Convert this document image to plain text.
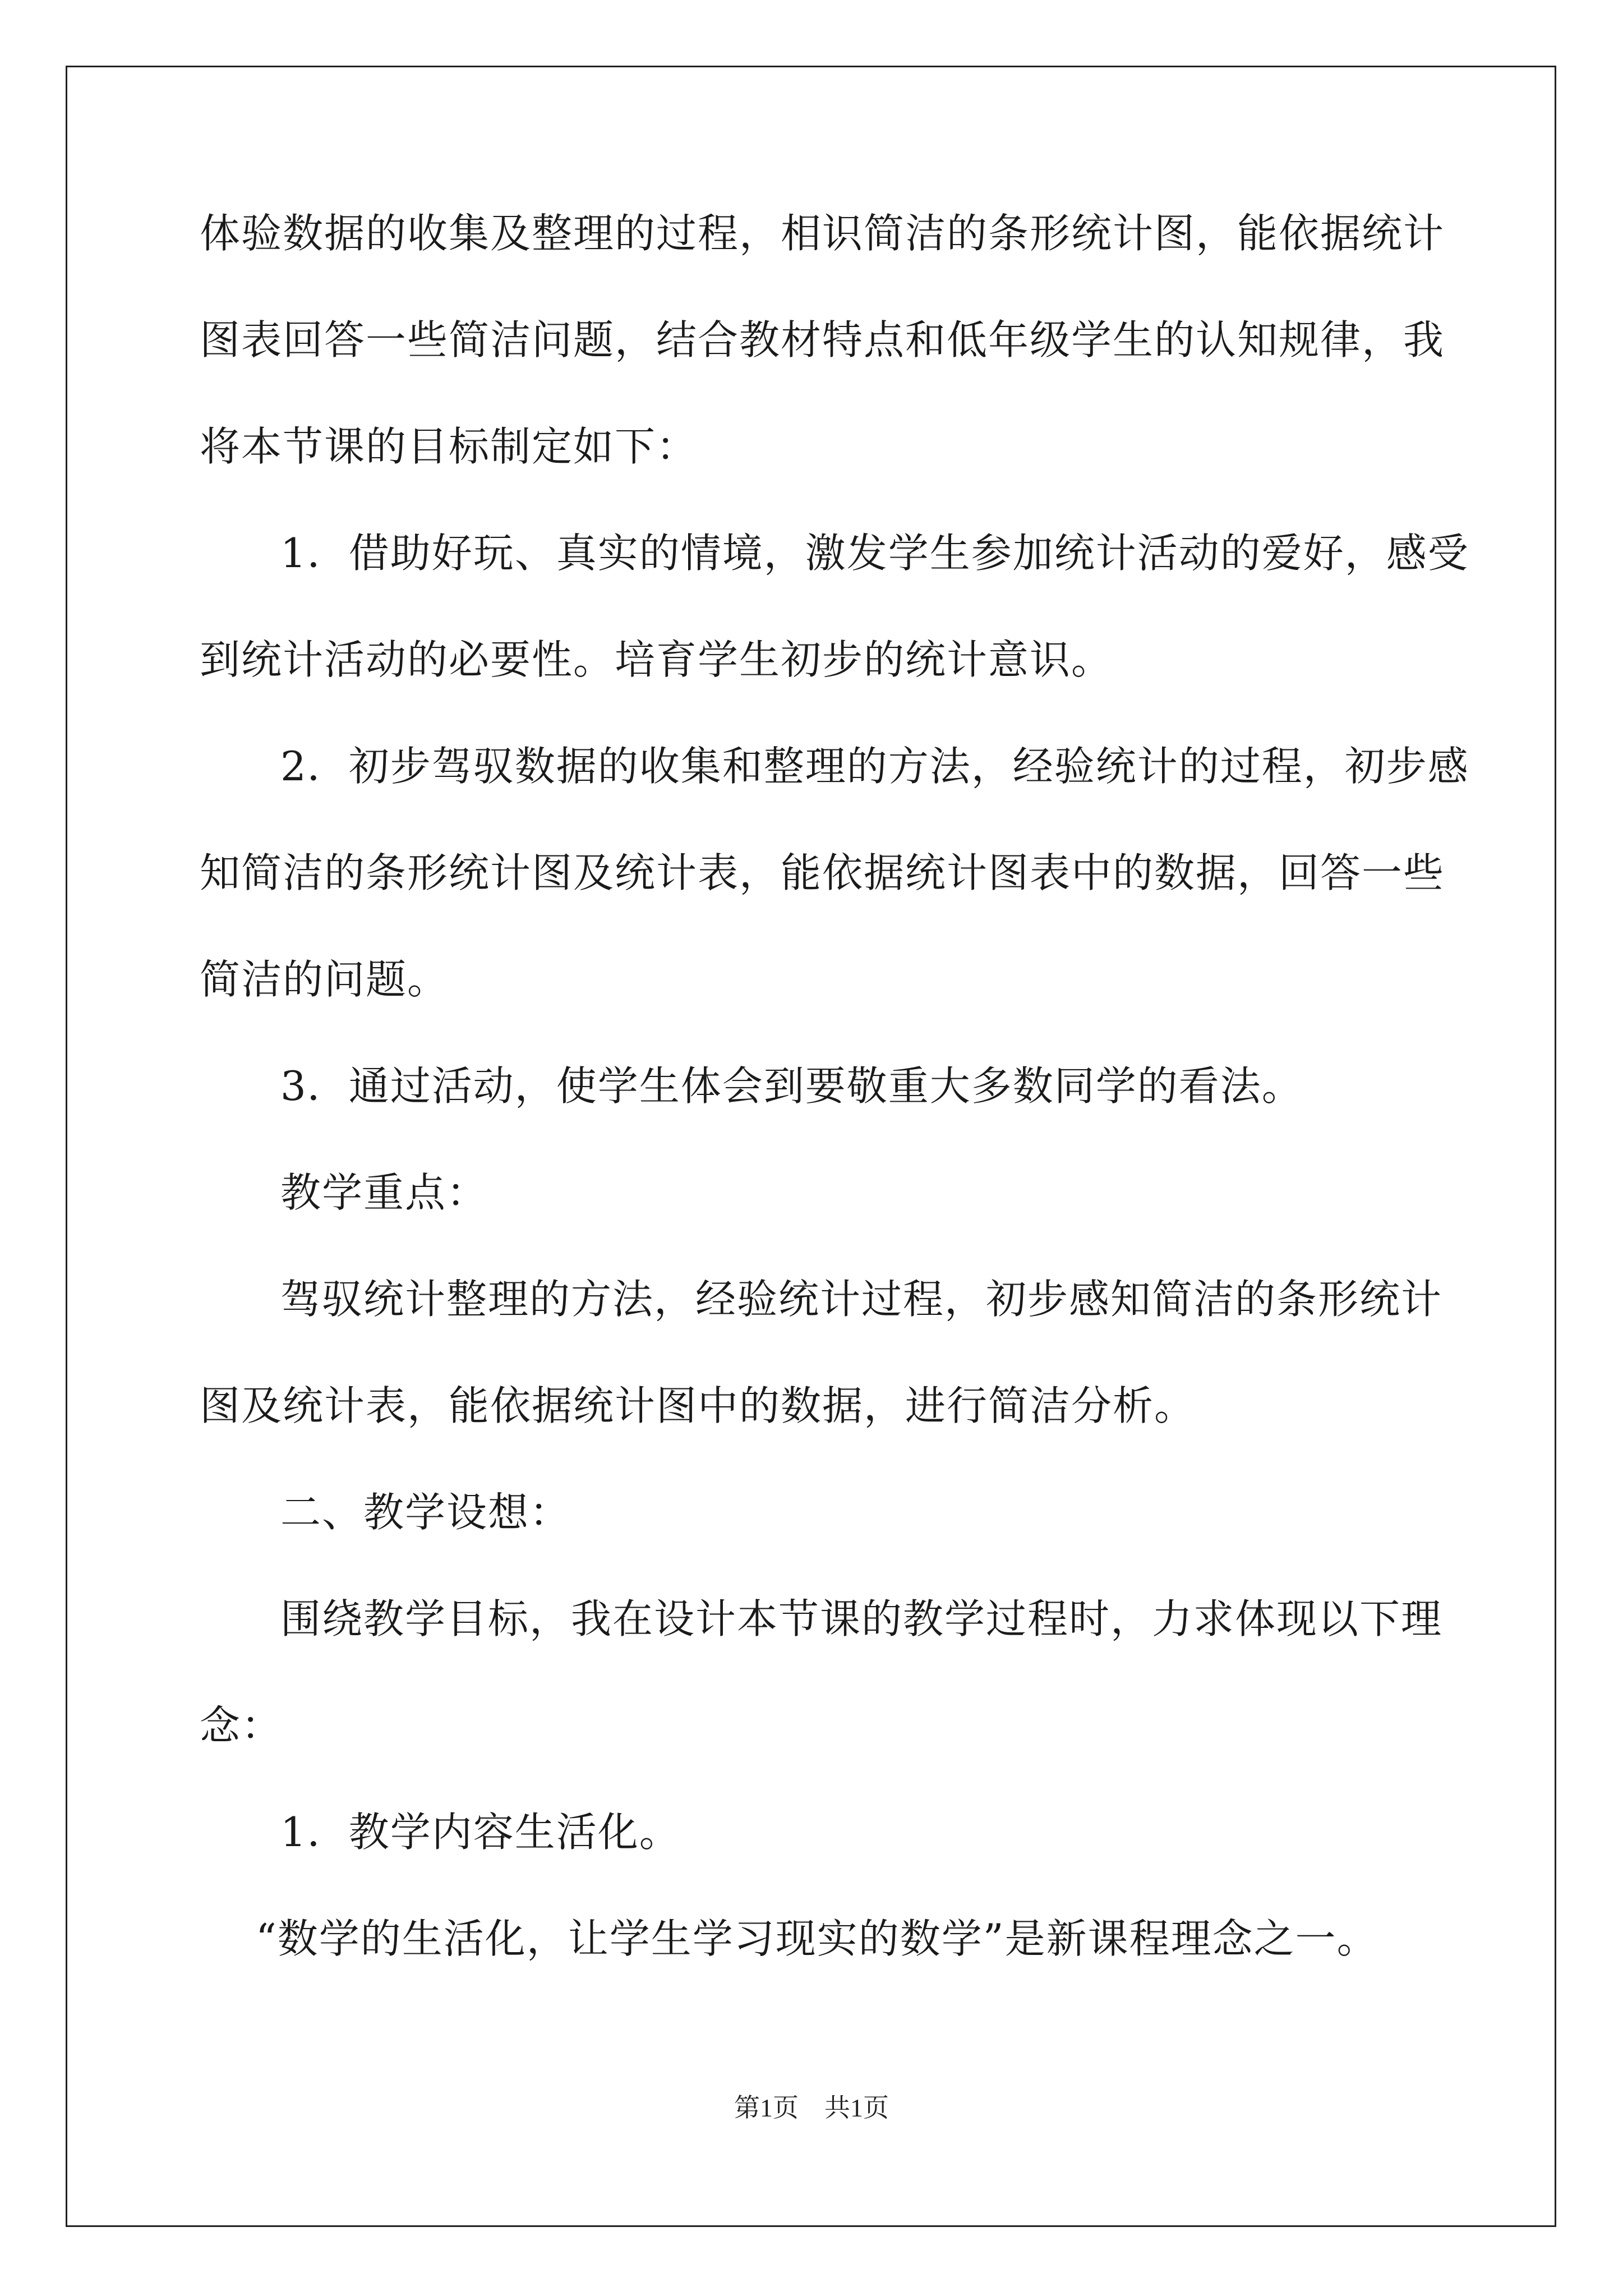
体验数据的收集及整理的过程，相识简洁的条形统计图，能依据统计
图表回答一些简洁问题，结合教材特点和低年级学生的认知规律，我
将本节课的目标制定如下：
1．借助好玩、真实的情境，激发学生参加统计活动的爱好，感受
到统计活动的必要性。培育学生初步的统计意识。
2．初步驾驭数据的收集和整理的方法，经验统计的过程，初步感
知简洁的条形统计图及统计表，能依据统计图表中的数据，回答一些
简洁的问题。
3．通过活动，使学生体会到要敬重大多数同学的看法。
教学重点：
驾驭统计整理的方法，经验统计过程，初步感知简洁的条形统计
图及统计表，能依据统计图中的数据，进行简洁分析。
二、教学设想：
围绕教学目标，我在设计本节课的教学过程时，力求体现以下理
念：
1．教学内容生活化。
“数学的生活化，让学生学习现实的数学”是新课程理念之一。
第1页　共1页
